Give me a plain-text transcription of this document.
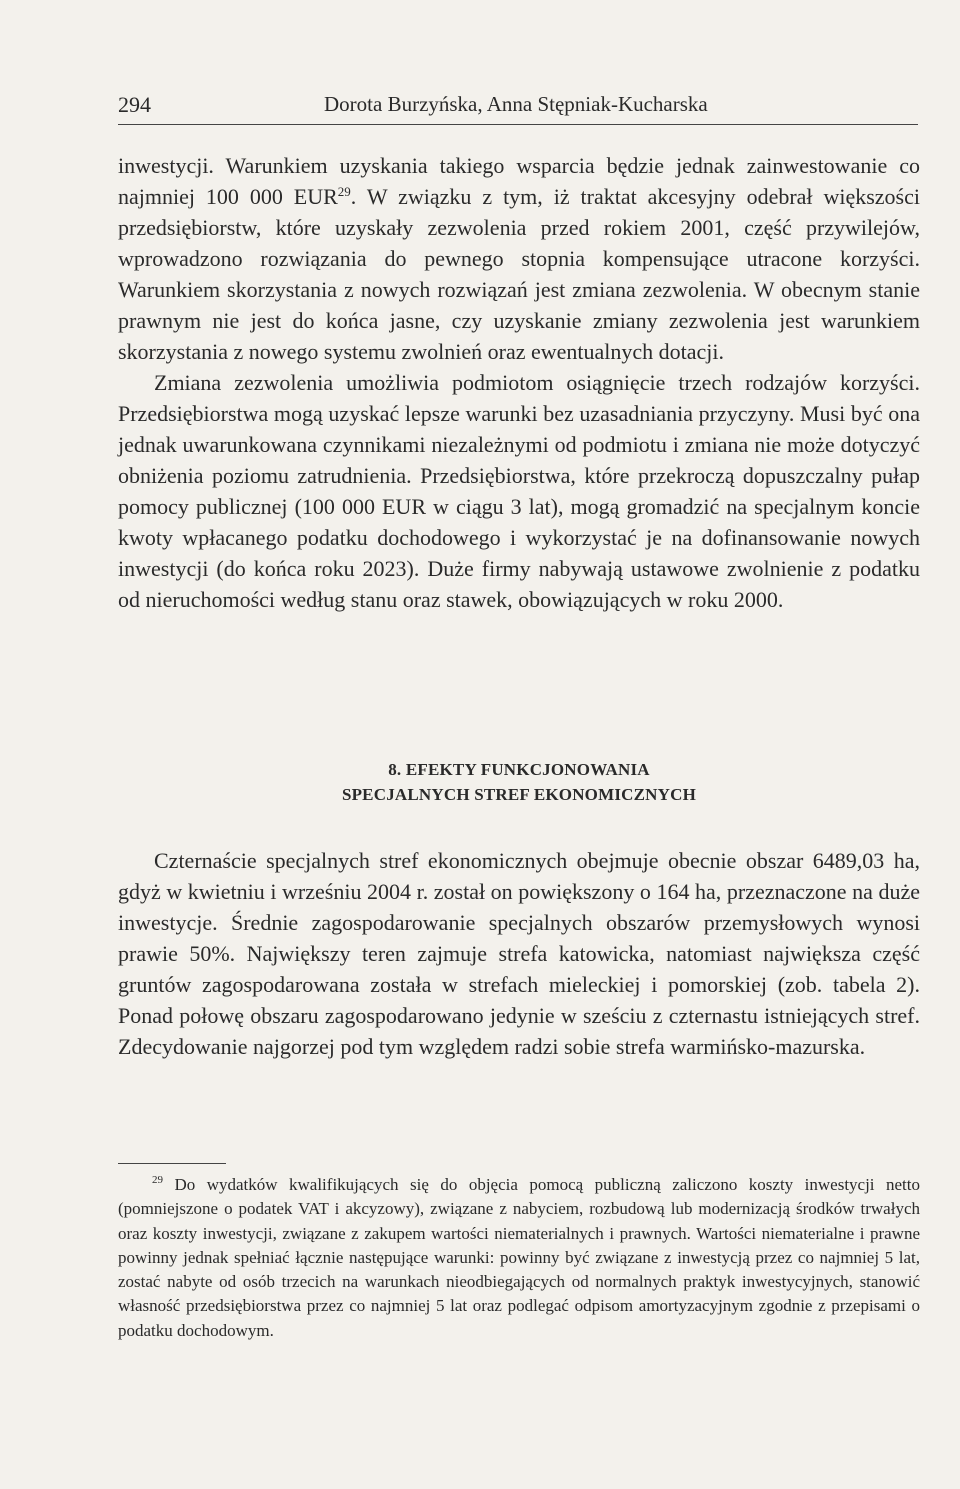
294	Dorota Burzyńska, Anna Stępniak-Kucharska

inwestycji. Warunkiem uzyskania takiego wsparcia będzie jednak zainwestowanie co najmniej 100 000 EUR$^{29}$. W związku z tym, iż traktat akcesyjny odebrał większości przedsiębiorstw, które uzyskały zezwolenia przed rokiem 2001, część przywilejów, wprowadzono rozwiązania do pewnego stopnia kompensujące utracone korzyści. Warunkiem skorzystania z nowych rozwiązań jest zmiana zezwolenia. W obecnym stanie prawnym nie jest do końca jasne, czy uzyskanie zmiany zezwolenia jest warunkiem skorzystania z nowego systemu zwolnień oraz ewentualnych dotacji.

Zmiana zezwolenia umożliwia podmiotom osiągnięcie trzech rodzajów korzyści. Przedsiębiorstwa mogą uzyskać lepsze warunki bez uzasadniania przyczyny. Musi być ona jednak uwarunkowana czynnikami niezależnymi od podmiotu i zmiana nie może dotyczyć obniżenia poziomu zatrudnienia. Przedsiębiorstwa, które przekroczą dopuszczalny pułap pomocy publicznej (100 000 EUR w ciągu 3 lat), mogą gromadzić na specjalnym koncie kwoty wpłacanego podatku dochodowego i wykorzystać je na dofinansowanie nowych inwestycji (do końca roku 2023). Duże firmy nabywają ustawowe zwolnienie z podatku od nieruchomości według stanu oraz stawek, obowiązujących w roku 2000.

8. EFEKTY FUNKCJONOWANIA
SPECJALNYCH STREF EKONOMICZNYCH

Czternaście specjalnych stref ekonomicznych obejmuje obecnie obszar 6489,03 ha, gdyż w kwietniu i wrześniu 2004 r. został on powiększony o 164 ha, przeznaczone na duże inwestycje. Średnie zagospodarowanie specjalnych obszarów przemysłowych wynosi prawie 50%. Największy teren zajmuje strefa katowicka, natomiast największa część gruntów zagospodarowana została w strefach mieleckiej i pomorskiej (zob. tabela 2). Ponad połowę obszaru zagospodarowano jedynie w sześciu z czternastu istniejących stref. Zdecydowanie najgorzej pod tym względem radzi sobie strefa warmińsko-mazurska.

$^{29}$ Do wydatków kwalifikujących się do objęcia pomocą publiczną zaliczono koszty inwestycji netto (pomniejszone o podatek VAT i akcyzowy), związane z nabyciem, rozbudową lub modernizacją środków trwałych oraz koszty inwestycji, związane z zakupem wartości niematerialnych i prawnych. Wartości niematerialne i prawne powinny jednak spełniać łącznie następujące warunki: powinny być związane z inwestycją przez co najmniej 5 lat, zostać nabyte od osób trzecich na warunkach nieodbiegających od normalnych praktyk inwestycyjnych, stanowić własność przedsiębiorstwa przez co najmniej 5 lat oraz podlegać odpisom amortyzacyjnym zgodnie z przepisami o podatku dochodowym.
